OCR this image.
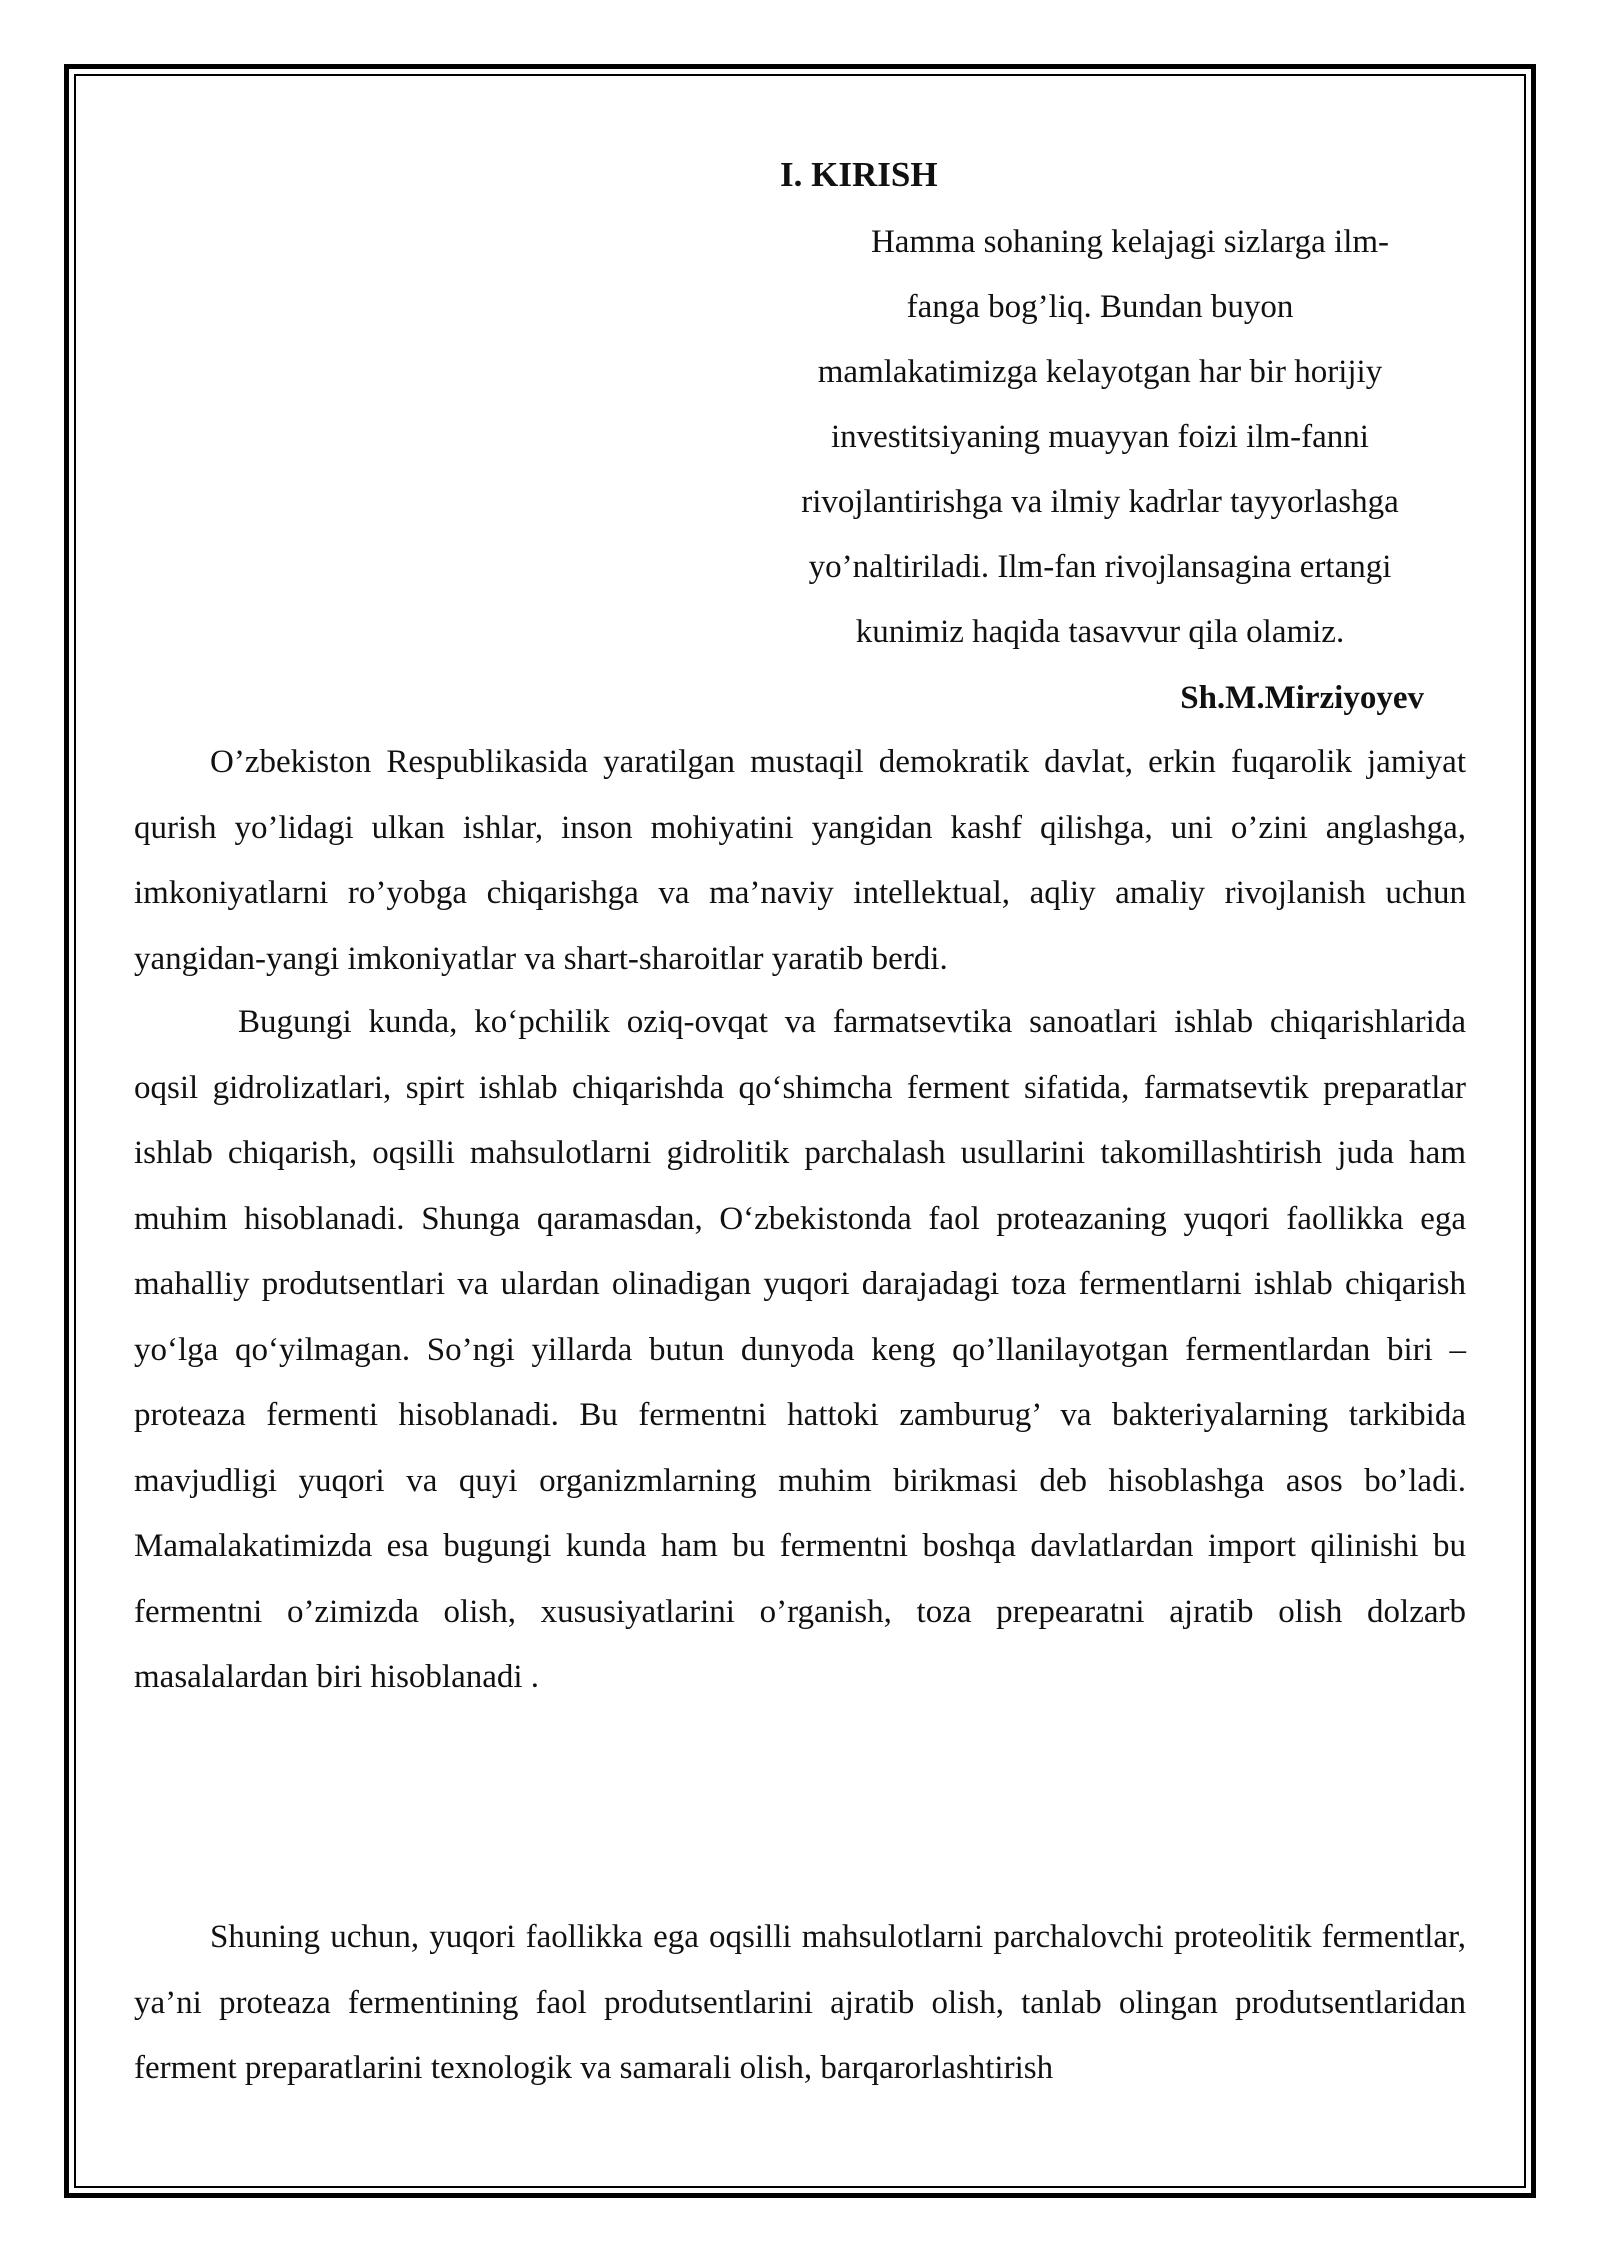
I. KIRISH
Hamma sohaning kelajagi sizlarga ilm-
fanga bog’liq. Bundan buyon
mamlakatimizga kelayotgan har bir horijiy
investitsiyaning muayyan foizi ilm-fanni
rivojlantirishga va ilmiy kadrlar tayyorlashga
yo’naltiriladi. Ilm-fan rivojlansagina ertangi
kunimiz haqida tasavvur qila olamiz.

Sh.M.Mirziyoyev

O’zbekiston Respublikasida yaratilgan mustaqil demokratik davlat, erkin fuqarolik jamiyat qurish yo’lidagi ulkan ishlar, inson mohiyatini yangidan kashf qilishga, uni o’zini anglashga, imkoniyatlarni ro’yobga chiqarishga va ma’naviy intellektual, aqliy amaliy rivojlanish uchun yangidan-yangi imkoniyatlar va shart-sharoitlar yaratib berdi.

Bugungi kunda, ko‘pchilik oziq-ovqat va farmatsevtika sanoatlari ishlab chiqarishlarida oqsil gidrolizatlari, spirt ishlab chiqarishda qo‘shimcha ferment sifatida, farmatsevtik preparatlar ishlab chiqarish, oqsilli mahsulotlarni gidrolitik parchalash usullarini takomillashtirish juda ham muhim hisoblanadi. Shunga qaramasdan, O‘zbekistonda faol proteazaning yuqori faollikka ega mahalliy produtsentlari va ulardan olinadigan yuqori darajadagi toza fermentlarni ishlab chiqarish yo‘lga qo‘yilmagan. So’ngi yillarda butun dunyoda keng qo’llanilayotgan fermentlardan biri – proteaza fermenti hisoblanadi. Bu fermentni hattoki zamburug’ va bakteriyalarning tarkibida mavjudligi yuqori va quyi organizmlarning muhim birikmasi deb hisoblashga asos bo’ladi. Mamalakatimizda esa bugungi kunda ham bu fermentni boshqa davlatlardan import qilinishi bu fermentni o’zimizda olish, xususiyatlarini o’rganish, toza prepearatni ajratib olish dolzarb masalalardan biri hisoblanadi .

Shuning uchun, yuqori faollikka ega oqsilli mahsulotlarni parchalovchi proteolitik fermentlar, ya’ni proteaza fermentining faol produtsentlarini ajratib olish, tanlab olingan produtsentlaridan ferment preparatlarini texnologik va samarali olish, barqarorlashtirish
